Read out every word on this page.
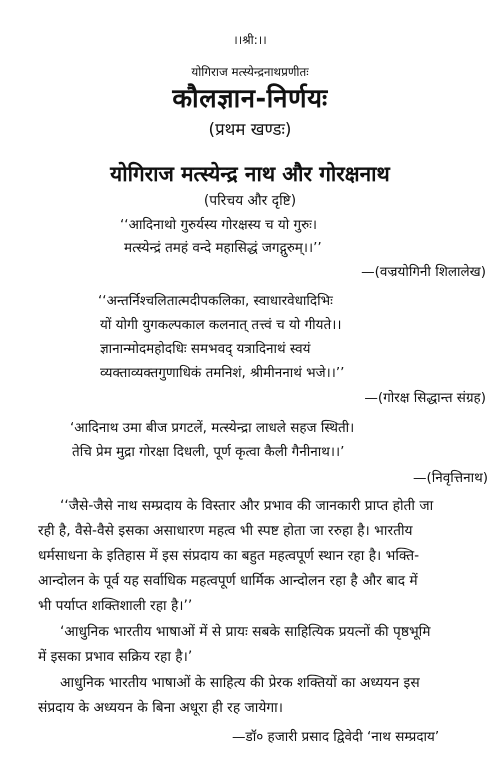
।।श्री:।।
योगिराज मत्स्येन्द्रनाथप्रणीतः
कौलज्ञान-निर्णयः
(प्रथम खण्डः)
योगिराज मत्स्येन्द्र नाथ और गोरक्षनाथ
(परिचय और दृष्टि)
‘‘आदिनाथो गुरुर्यस्य गोरक्षस्य च यो गुरुः।
मत्स्येन्द्रं तमहं वन्दे महासिद्धं जगद्गुरुम्।।’’
—(वज्रयोगिनी शिलालेख)
‘‘अन्तर्निश्चलितात्मदीपकलिका, स्वाधारवेधादिभिः
यों योगी युगकल्पकाल कलनात् तत्त्वं च यो गीयते।।
ज्ञानान्मोदमहोदधिः समभवद् यत्रादिनाथं स्वयं
व्यक्ताव्यक्तगुणाधिकं तमनिशं, श्रीमीननाथं भजे।।’’
—(गोरक्ष सिद्धान्त संग्रह)
‘आदिनाथ उमा बीज प्रगटलें, मत्स्येन्द्रा लाधले सहज स्थिती।
तेचि प्रेम मुद्रा गोरक्षा दिधली, पूर्ण कृत्वा कैली गैनीनाथ।।’
—(निवृत्तिनाथ)
‘‘जैसे-जैसे नाथ सम्प्रदाय के विस्तार और प्रभाव की जानकारी प्राप्त होती जा
रही है, वैसे-वैसे इसका असाधारण महत्व भी स्पष्ट होता जा ररुहा है। भारतीय
धर्मसाधना के इतिहास में इस संप्रदाय का बहुत महत्वपूर्ण स्थान रहा है। भक्ति-
आन्दोलन के पूर्व यह सर्वाधिक महत्वपूर्ण धार्मिक आन्दोलन रहा है और बाद में
भी पर्याप्त शक्तिशाली रहा है।’’
‘आधुनिक भारतीय भाषाओं में से प्रायः सबके साहित्यिक प्रयत्नों की पृष्ठभूमि
में इसका प्रभाव सक्रिय रहा है।’
आधुनिक भारतीय भाषाओं के साहित्य की प्रेरक शक्तियों का अध्ययन इस
संप्रदाय के अध्ययन के बिना अधूरा ही रह जायेगा।
—डॉ० हजारी प्रसाद द्विवेदी ‘नाथ सम्प्रदाय’
